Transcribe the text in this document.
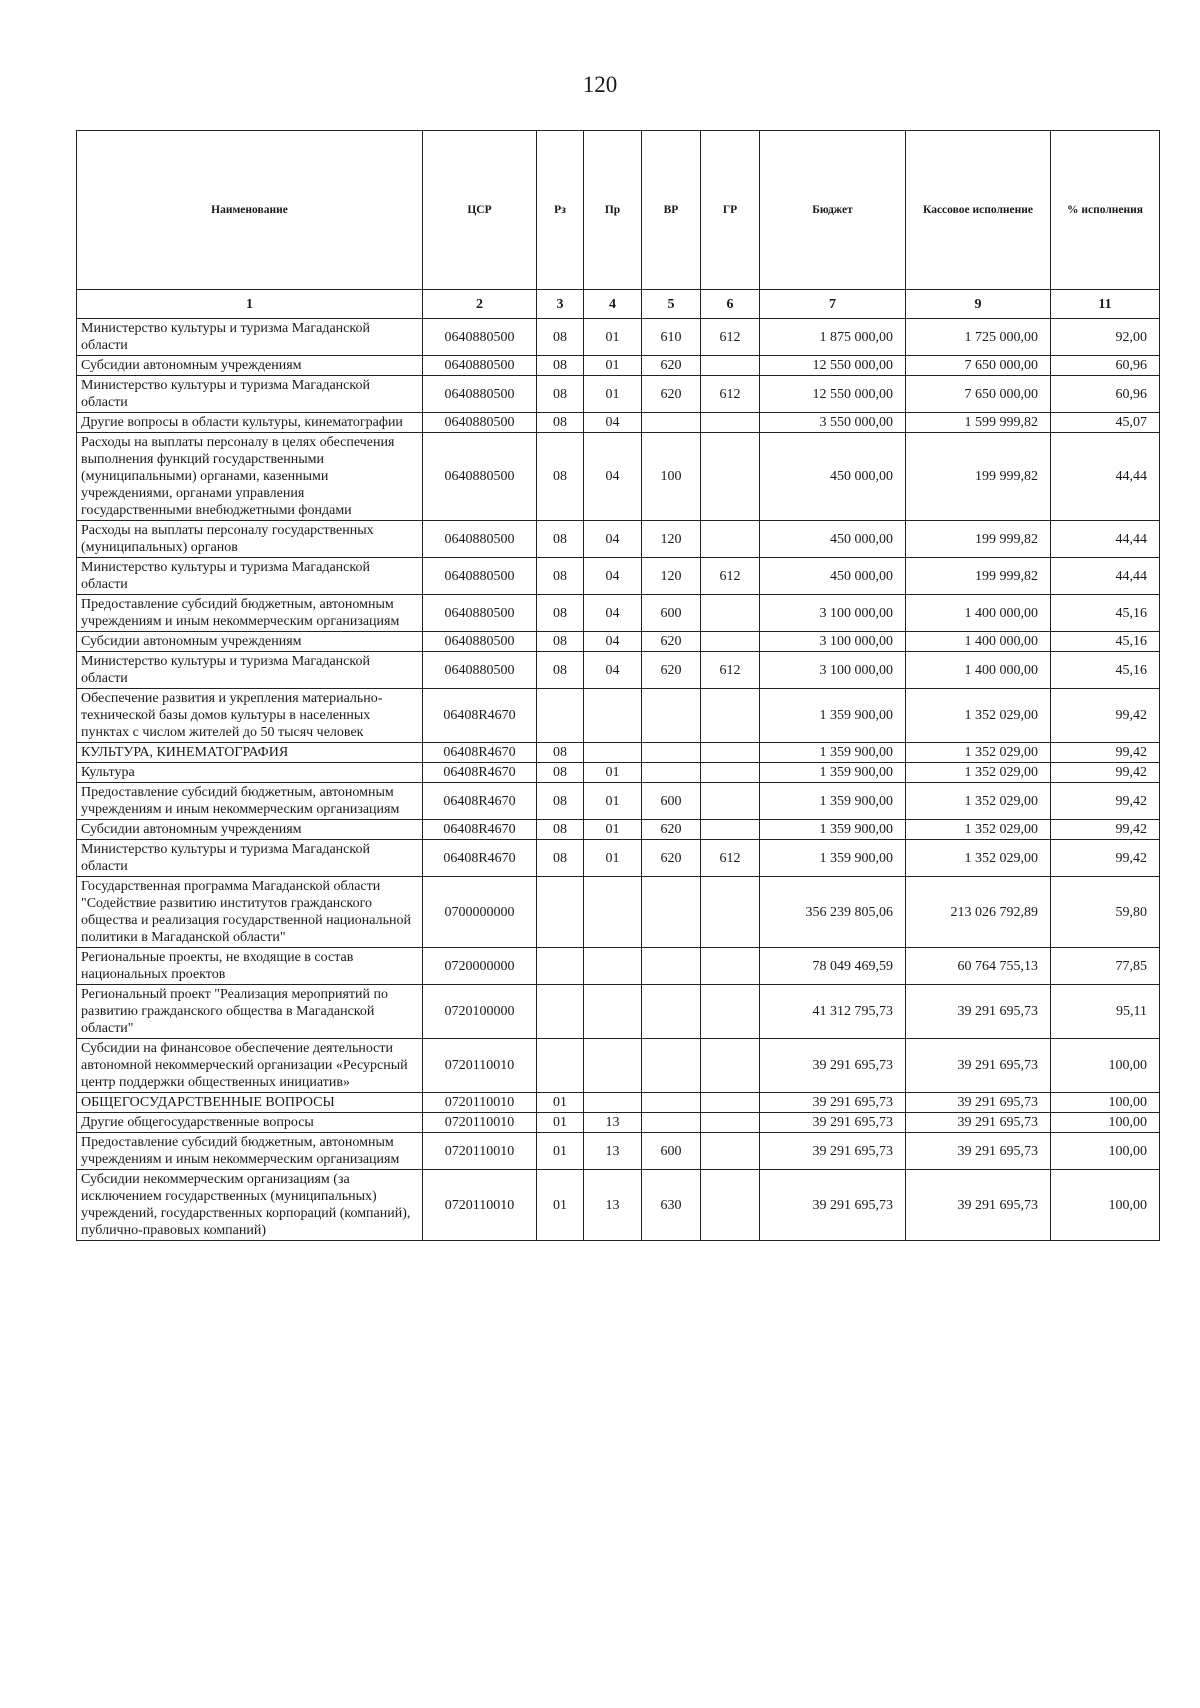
120
Наименование	ЦСР	Рз	Пр	ВР	ГР	Бюджет	Кассовое исполнение	% исполнения
1	2	3	4	5	6	7	9	11
Министерство культуры и туризма Магаданской области	0640880500	08	01	610	612	1 875 000,00	1 725 000,00	92,00
Субсидии автономным учреждениям	0640880500	08	01	620		12 550 000,00	7 650 000,00	60,96
Министерство культуры и туризма Магаданской области	0640880500	08	01	620	612	12 550 000,00	7 650 000,00	60,96
Другие вопросы в области культуры, кинематографии	0640880500	08	04			3 550 000,00	1 599 999,82	45,07
Расходы на выплаты персоналу в целях обеспечения выполнения функций государственными (муниципальными) органами, казенными учреждениями, органами управления государственными внебюджетными фондами	0640880500	08	04	100		450 000,00	199 999,82	44,44
Расходы на выплаты персоналу государственных (муниципальных) органов	0640880500	08	04	120		450 000,00	199 999,82	44,44
Министерство культуры и туризма Магаданской области	0640880500	08	04	120	612	450 000,00	199 999,82	44,44
Предоставление субсидий бюджетным, автономным учреждениям и иным некоммерческим организациям	0640880500	08	04	600		3 100 000,00	1 400 000,00	45,16
Субсидии автономным учреждениям	0640880500	08	04	620		3 100 000,00	1 400 000,00	45,16
Министерство культуры и туризма Магаданской области	0640880500	08	04	620	612	3 100 000,00	1 400 000,00	45,16
Обеспечение развития и укрепления материально-технической базы домов культуры в населенных пунктах с числом жителей до 50 тысяч человек	06408R4670					1 359 900,00	1 352 029,00	99,42
КУЛЬТУРА, КИНЕМАТОГРАФИЯ	06408R4670	08				1 359 900,00	1 352 029,00	99,42
Культура	06408R4670	08	01			1 359 900,00	1 352 029,00	99,42
Предоставление субсидий бюджетным, автономным учреждениям и иным некоммерческим организациям	06408R4670	08	01	600		1 359 900,00	1 352 029,00	99,42
Субсидии автономным учреждениям	06408R4670	08	01	620		1 359 900,00	1 352 029,00	99,42
Министерство культуры и туризма Магаданской области	06408R4670	08	01	620	612	1 359 900,00	1 352 029,00	99,42
Государственная программа Магаданской области "Содействие развитию институтов гражданского общества и реализация государственной национальной политики в Магаданской области"	0700000000					356 239 805,06	213 026 792,89	59,80
Региональные проекты, не входящие в состав национальных проектов	0720000000					78 049 469,59	60 764 755,13	77,85
Региональный проект "Реализация мероприятий по развитию гражданского общества в Магаданской области"	0720100000					41 312 795,73	39 291 695,73	95,11
Субсидии на финансовое обеспечение деятельности автономной некоммерческий организации «Ресурсный центр поддержки общественных инициатив»	0720110010					39 291 695,73	39 291 695,73	100,00
ОБЩЕГОСУДАРСТВЕННЫЕ ВОПРОСЫ	0720110010	01				39 291 695,73	39 291 695,73	100,00
Другие общегосударственные вопросы	0720110010	01	13			39 291 695,73	39 291 695,73	100,00
Предоставление субсидий бюджетным, автономным учреждениям и иным некоммерческим организациям	0720110010	01	13	600		39 291 695,73	39 291 695,73	100,00
Субсидии некоммерческим организациям (за исключением государственных (муниципальных) учреждений, государственных корпораций (компаний), публично-правовых компаний)	0720110010	01	13	630		39 291 695,73	39 291 695,73	100,00
